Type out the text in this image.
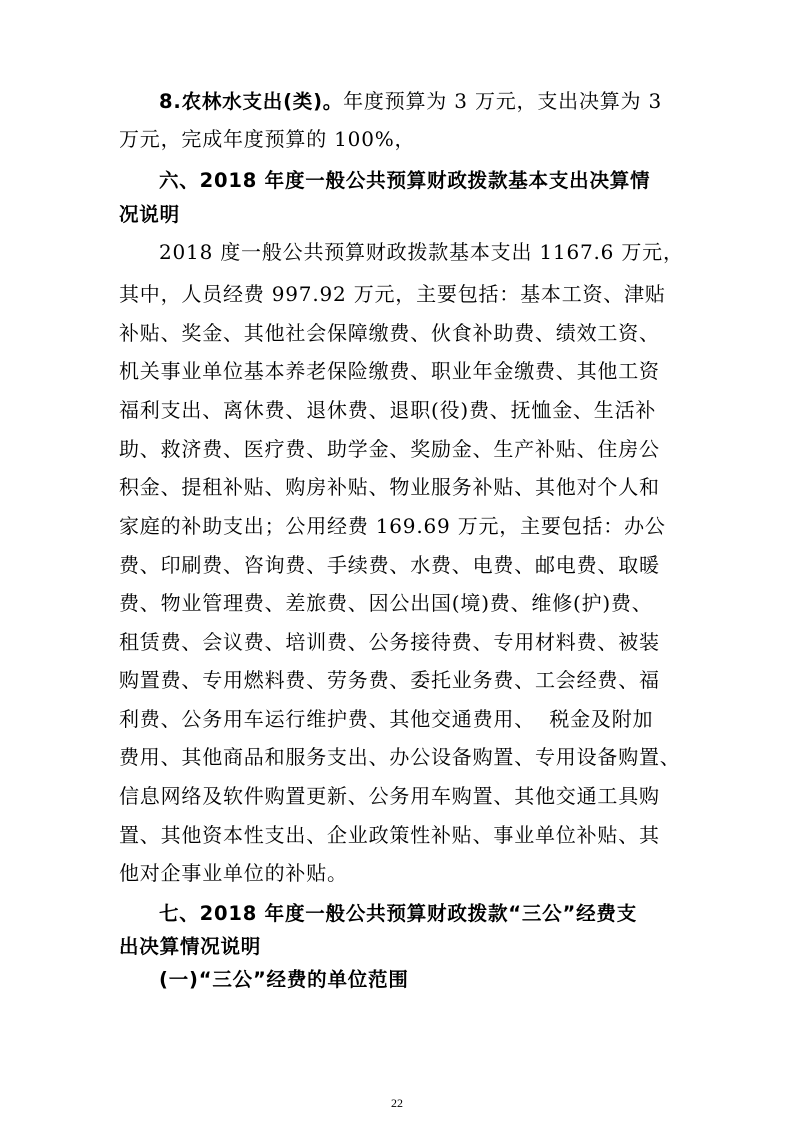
8.农林水支出(类)。年度预算为 3 万元，支出决算为 3
万元，完成年度预算的 100%，
六、2018 年度一般公共预算财政拨款基本支出决算情
况说明
2018 度一般公共预算财政拨款基本支出 1167.6 万元，
其中，人员经费 997.92 万元，主要包括：基本工资、津贴
补贴、奖金、其他社会保障缴费、伙食补助费、绩效工资、
机关事业单位基本养老保险缴费、职业年金缴费、其他工资
福利支出、离休费、退休费、退职(役)费、抚恤金、生活补
助、救济费、医疗费、助学金、奖励金、生产补贴、住房公
积金、提租补贴、购房补贴、物业服务补贴、其他对个人和
家庭的补助支出；公用经费 169.69 万元，主要包括：办公
费、印刷费、咨询费、手续费、水费、电费、邮电费、取暖
费、物业管理费、差旅费、因公出国(境)费、维修(护)费、
租赁费、会议费、培训费、公务接待费、专用材料费、被装
购置费、专用燃料费、劳务费、委托业务费、工会经费、福
利费、公务用车运行维护费、其他交通费用、  税金及附加
费用、其他商品和服务支出、办公设备购置、专用设备购置、
信息网络及软件购置更新、公务用车购置、其他交通工具购
置、其他资本性支出、企业政策性补贴、事业单位补贴、其
他对企事业单位的补贴。
七、2018 年度一般公共预算财政拨款“三公”经费支
出决算情况说明
(一)“三公”经费的单位范围
22
